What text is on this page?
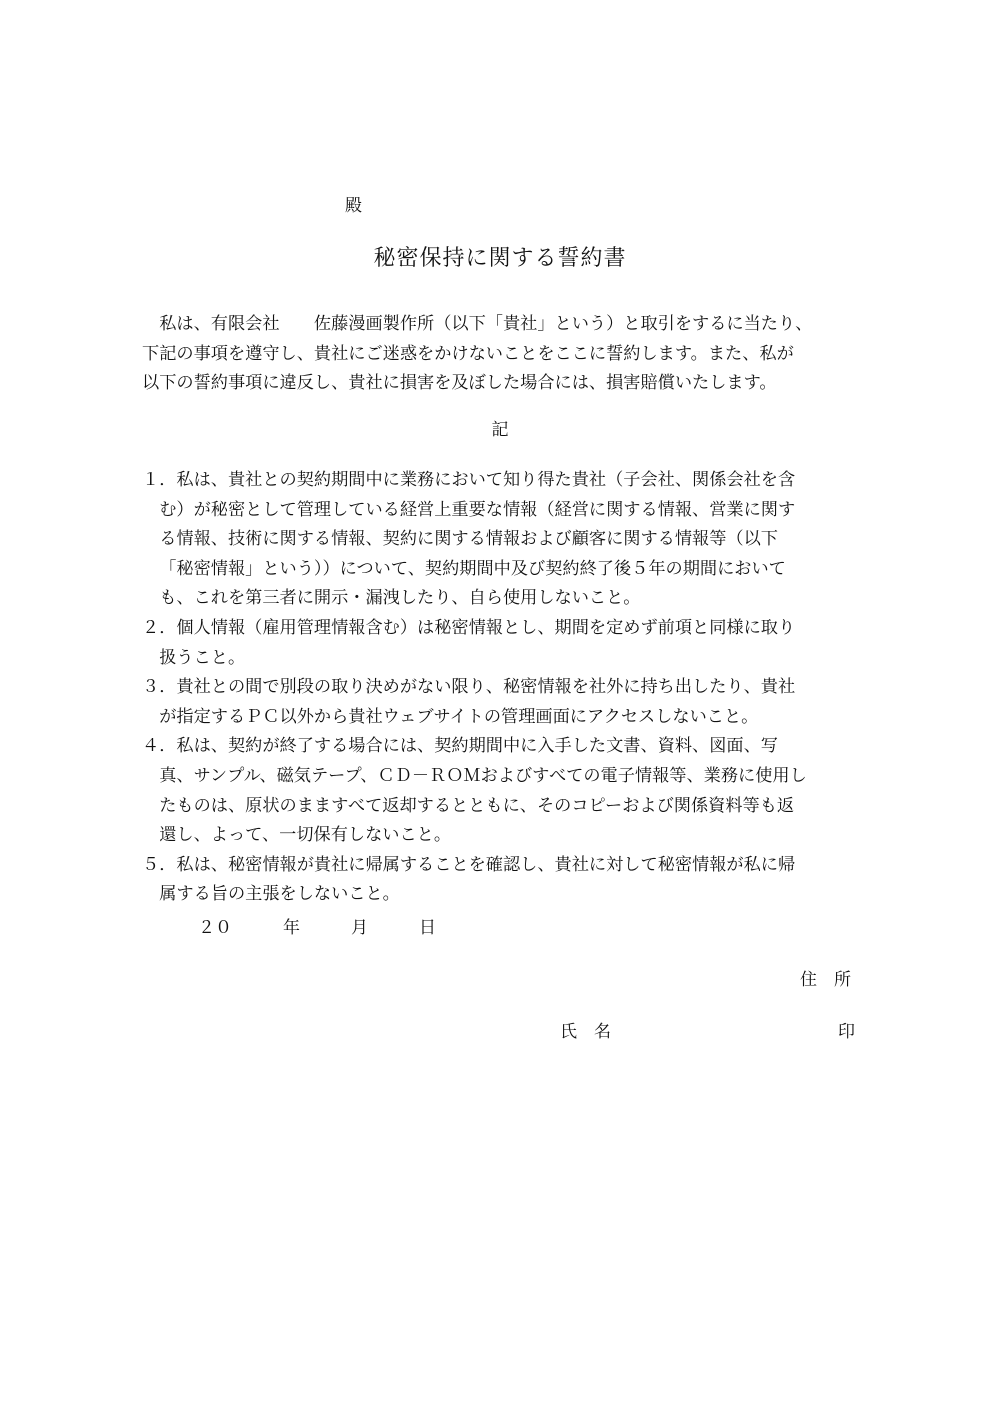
殿
秘密保持に関する誓約書
　私は、有限会社　　佐藤漫画製作所（以下「貴社」という）と取引をするに当たり、
下記の事項を遵守し、貴社にご迷惑をかけないことをここに誓約します。また、私が
以下の誓約事項に違反し、貴社に損害を及ぼした場合には、損害賠償いたします。
記
１．私は、貴社との契約期間中に業務において知り得た貴社（子会社、関係会社を含
む）が秘密として管理している経営上重要な情報（経営に関する情報、営業に関す
る情報、技術に関する情報、契約に関する情報および顧客に関する情報等（以下
「秘密情報」という））について、契約期間中及び契約終了後５年の期間において
も、これを第三者に開示・漏洩したり、自ら使用しないこと。
２．個人情報（雇用管理情報含む）は秘密情報とし、期間を定めず前項と同様に取り
扱うこと。
３．貴社との間で別段の取り決めがない限り、秘密情報を社外に持ち出したり、貴社
が指定するＰＣ以外から貴社ウェブサイトの管理画面にアクセスしないこと。
４．私は、契約が終了する場合には、契約期間中に入手した文書、資料、図面、写
真、サンプル、磁気テープ、ＣＤ－ＲＯＭおよびすべての電子情報等、業務に使用し
たものは、原状のまますべて返却するとともに、そのコピーおよび関係資料等も返
還し、よって、一切保有しないこと。
５．私は、秘密情報が貴社に帰属することを確認し、貴社に対して秘密情報が私に帰
属する旨の主張をしないこと。
２０　　　年　　　月　　　日
住　所
氏　名	印
